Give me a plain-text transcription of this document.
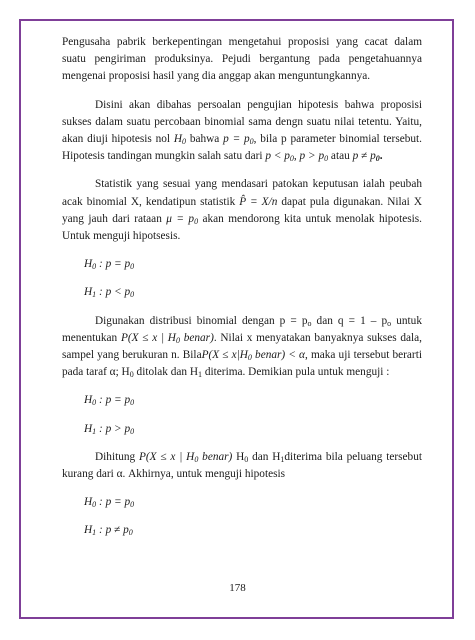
Pengusaha pabrik berkepentingan mengetahui proposisi yang cacat dalam suatu pengiriman produksinya. Pejudi bergantung pada pengetahuannya mengenai proposisi hasil yang dia anggap akan menguntungkannya.

Disini akan dibahas persoalan pengujian hipotesis bahwa proposisi sukses dalam suatu percobaan binomial sama dengn suatu nilai tetentu. Yaitu, akan diuji hipotesis nol $H_0$ bahwa $p = p_0$, bila p parameter binomial tersebut. Hipotesis tandingan mungkin salah satu dari $p < p_0$, $p > p_0$ atau $p \ne p_0$.

Statistik yang sesuai yang mendasari patokan keputusan ialah peubah acak binomial X, kendatipun statistik P̂ = X/n dapat pula digunakan. Nilai X yang jauh dari rataan $\mu = p_0$ akan mendorong kita untuk menolak hipotesis. Untuk menguji hipotsesis.

$H_0$ : $p = p_0$
$H_1$ : $p < p_0$

Digunakan distribusi binomial dengan $p = p_o$ dan $q = 1 - p_o$ untuk menentukan P(X ≤ x | $H_0$ benar). Nilai x menyatakan banyaknya sukses dala, sampel yang berukuran n. BilaP(X ≤ $x|H_0$ benar) < α, maka uji tersebut berarti pada taraf α; $H_0$ ditolak dan $H_1$ diterima. Demikian pula untuk menguji :

$H_0$ : $p = p_0$
$H_1$ : $p > p_0$

Dihitung P(X ≤ x | $H_0$ benar) $H_0$ dan $H_1diterima$ bila peluang tersebut kurang dari α. Akhirnya, untuk menguji hipotesis

$H_0$ : $p = p_0$
$H_1$ : $p \ne p_0$
178
